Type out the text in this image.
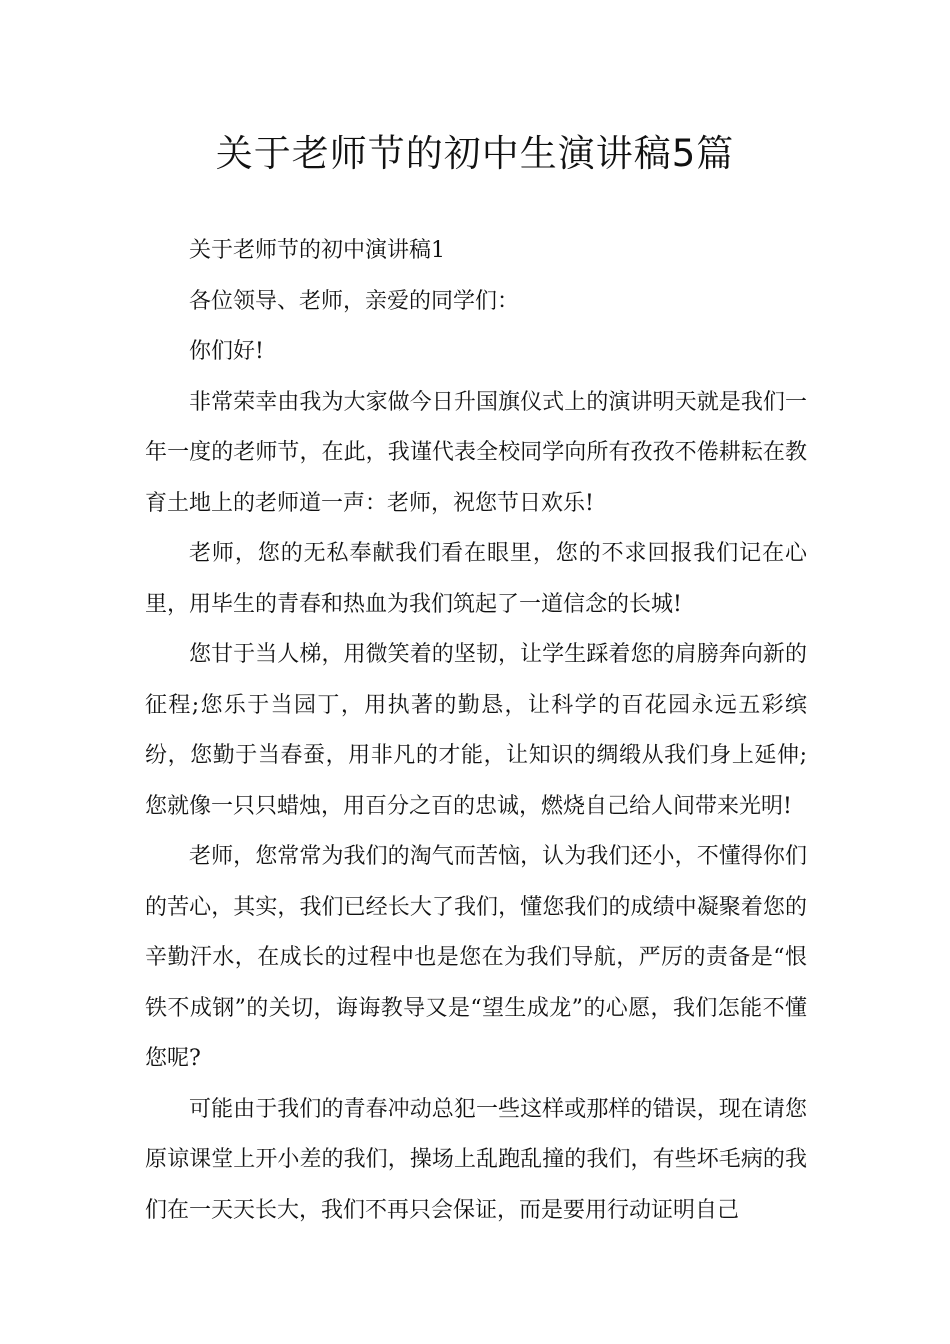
关于老师节的初中生演讲稿5篇

关于老师节的初中演讲稿1

各位领导、老师，亲爱的同学们：

你们好!

非常荣幸由我为大家做今日升国旗仪式上的演讲明天就是我们一年一度的老师节，在此，我谨代表全校同学向所有孜孜不倦耕耘在教育土地上的老师道一声：老师，祝您节日欢乐!

老师，您的无私奉献我们看在眼里，您的不求回报我们记在心里，用毕生的青春和热血为我们筑起了一道信念的长城!

您甘于当人梯，用微笑着的坚韧，让学生踩着您的肩膀奔向新的征程;您乐于当园丁，用执著的勤恳，让科学的百花园永远五彩缤纷，您勤于当春蚕，用非凡的才能，让知识的绸缎从我们身上延伸;您就像一只只蜡烛，用百分之百的忠诚，燃烧自己给人间带来光明!

老师，您常常为我们的淘气而苦恼，认为我们还小，不懂得你们的苦心，其实，我们已经长大了我们，懂您我们的成绩中凝聚着您的辛勤汗水，在成长的过程中也是您在为我们导航，严厉的责备是“恨铁不成钢”的关切，诲诲教导又是“望生成龙”的心愿，我们怎能不懂您呢?

可能由于我们的青春冲动总犯一些这样或那样的错误，现在请您原谅课堂上开小差的我们，操场上乱跑乱撞的我们，有些坏毛病的我们在一天天长大，我们不再只会保证，而是要用行动证明自己
